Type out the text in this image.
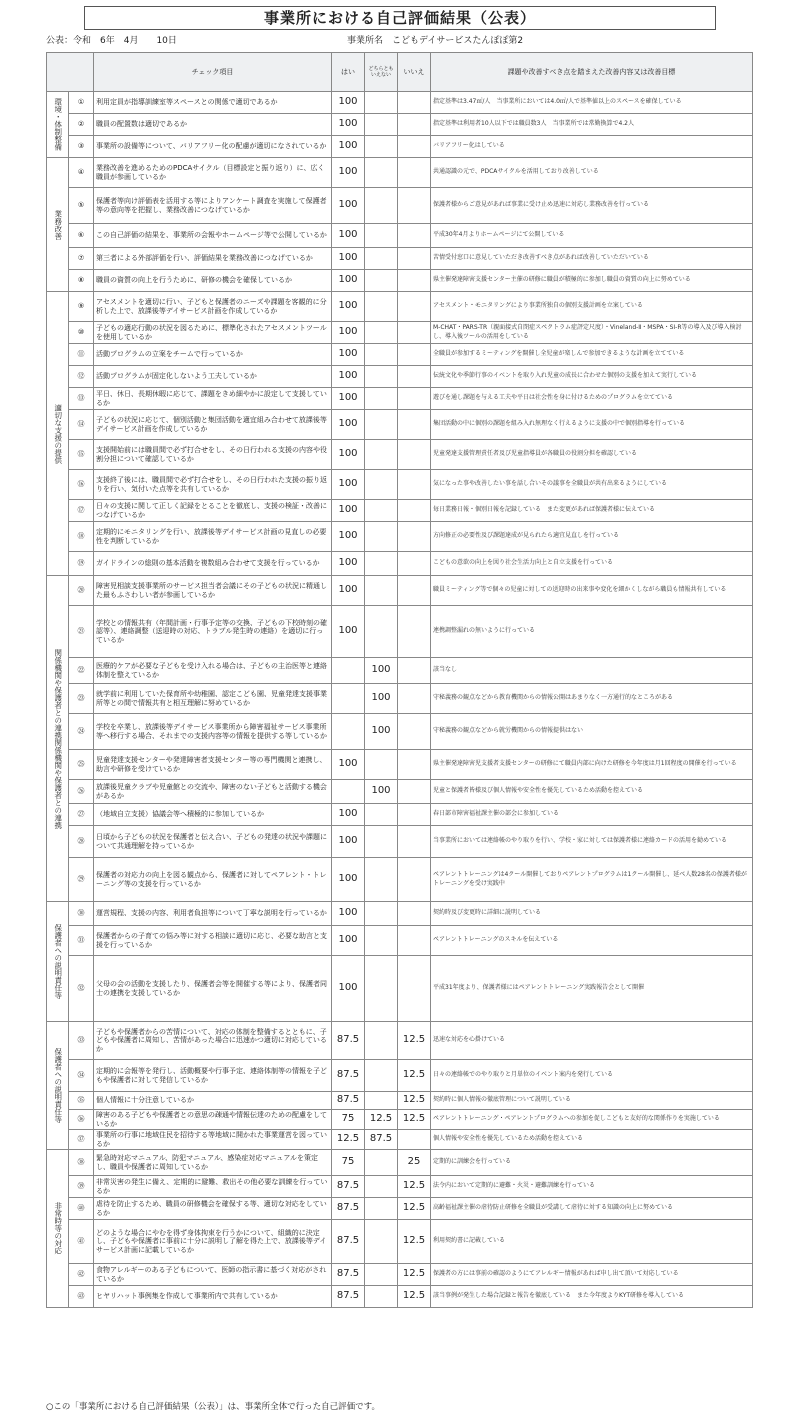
事業所における自己評価結果（公表）
公表：令和　6年　4月　　10日	事業所名　こどもデイサービスたんぽぽ第2
		チェック項目	はい	どちらともいえない	いいえ	課題や改善すべき点を踏まえた改善内容又は改善目標
環境・体制整備	①	利用定員が指導訓練室等スペースとの関係で適切であるか	100			指定基準は3.47㎡/人　当事業所においては4.0㎡/人で基準値以上のスペースを確保している
	②	職員の配置数は適切であるか	100			指定基準は利用者10人以下では職員数3人　当事業所では常勤換算で4.2人
	③	事業所の設備等について、バリアフリー化の配慮が適切になされているか	100			バリアフリー化はしている
業務改善	④	業務改善を進めるためのPDCAサイクル（目標設定と振り返り）に、広く職員が参画しているか	100			共通認識の元で、PDCAサイクルを活用しており改善している
	⑤	保護者等向け評価表を活用する等によりアンケート調査を実施して保護者等の意向等を把握し、業務改善につなげているか	100			保護者様からご意見があれば事業に受け止め迅速に対応し業務改善を行っている
	⑥	この自己評価の結果を、事業所の会報やホームページ等で公開しているか	100			平成30年4月よりホームページにて公開している
	⑦	第三者による外部評価を行い、評価結果を業務改善につなげているか	100			苦情受付窓口に意見していただき改善すべき点があれば改善していただいている
	⑧	職員の資質の向上を行うために、研修の機会を確保しているか	100			県主催発達障害支援センター主催の研修に職員が積極的に参加し職員の資質の向上に努めている
適切な支援の提供	⑨	アセスメントを適切に行い、子どもと保護者のニーズや課題を客観的に分析した上で、放課後等デイサービス計画を作成しているか	100			アセスメント・モニタリングにより事業所独自の個別支援計画を立案している
	⑩	子どもの適応行動の状況を図るために、標準化されたアセスメントツールを使用しているか	100			M-CHAT・PARS-TR（親面接式自閉症スペクトラム症評定尺度）・Vineland-Ⅱ・MSPA・SI-R等の導入及び導入検討し、導入後ツールの活用をしている
	⑪	活動プログラムの立案をチームで行っているか	100			全職員が参加するミーティングを開催し全児童が楽しんで参加できるような計画を立てている
	⑫	活動プログラムが固定化しないよう工夫しているか	100			伝統文化や季節行事のイベントを取り入れ児童の成長に合わせた個別の支援を加えて実行している
	⑬	平日、休日、長期休暇に応じて、課題をきめ細やかに設定して支援しているか	100			遊びを通し課題を与える工夫や平日は社会性を身に付けるためのプログラムを立てている
	⑭	子どもの状況に応じて、個別活動と集団活動を適宜組み合わせて放課後等デイサービス計画を作成しているか	100			集団活動の中に個別の課題を組み入れ無理なく行えるように支援の中で個別指導を行っている
	⑮	支援開始前には職員間で必ず打合せをし、その日行われる支援の内容や役割分担について確認しているか	100			児童発達支援管理責任者及び児童指導員が各職員の役割分担を確認している
	⑯	支援終了後には、職員間で必ず打合せをし、その日行われた支援の振り返りを行い、気付いた点等を共有しているか	100			気になった事や改善したい事を話し合いその議事を全職員が共有出来るようにしている
	⑰	日々の支援に関して正しく記録をとることを徹底し、支援の検証・改善につなげているか	100			毎日業務日報・個別日報を記録している　また変更があれば保護者様に伝えている
	⑱	定期的にモニタリングを行い、放課後等デイサービス計画の見直しの必要性を判断しているか	100			方向修正の必要性及び課題達成が見られたら適宜見直しを行っている
	⑲	ガイドラインの総則の基本活動を複数組み合わせて支援を行っているか	100			こどもの意欲の向上を図り社会生活力向上と自立支援を行っている
関係機関や保護者との連携関係機関や保護者との連携	⑳	障害児相談支援事業所のサービス担当者会議にその子どもの状況に精通した最もふさわしい者が参画しているか	100			職員ミーティング等で個々の児童に対しての送迎時の出来事や変化を細かくしながら職員も情報共有している
	㉑	学校との情報共有（年間計画・行事予定等の交換、子どもの下校時刻の確認等）、連絡調整（送迎時の対応、トラブル発生時の連絡）を適切に行っているか	100			連携調整漏れの無いように行っている
	㉒	医療的ケアが必要な子どもを受け入れる場合は、子どもの主治医等と連絡体制を整えているか		100		該当なし
	㉓	就学前に利用していた保育所や幼稚園、認定こども園、児童発達支援事業所等との間で情報共有と相互理解に努めているか		100		守秘義務の観点などから教育機関からの情報公開はあまりなく一方通行的なところがある
	㉔	学校を卒業し、放課後等デイサービス事業所から障害福祉サービス事業所等へ移行する場合、それまでの支援内容等の情報を提供する等しているか		100		守秘義務の観点などから就労機関からの情報提供はない
	㉕	児童発達支援センターや発達障害者支援センター等の専門機関と連携し、助言や研修を受けているか	100			県主催発達障害児支援者支援センターの研修にて職員内部に向けた研修を今年度は月1回程度の開催を行っている
	㉖	放課後児童クラブや児童館との交流や、障害のない子どもと活動する機会があるか		100		児童と保護者皆様及び個人情報や安全性を優先しているため活動を控えている
	㉗	（地域自立支援）協議会等へ積極的に参加しているか	100			春日部市障害福祉課主催の部会に参加している
	㉘	日頃から子どもの状況を保護者と伝え合い、子どもの発達の状況や課題について共通理解を持っているか	100			当事業所においては連絡帳のやり取りを行い、学校・家に対しては保護者様に連絡カードの活用を勧めている
	㉙	保護者の対応力の向上を図る観点から、保護者に対してペアレント・トレーニング等の支援を行っているか	100			ペアレントトレーニングは4クール開催しておりペアレントプログラムは1クール開催し、延べ人数28名の保護者様がトレーニングを受け実践中
保護者への説明責任等	㉚	運営規程、支援の内容、利用者負担等について丁寧な説明を行っているか	100			契約時及び変更時に詳細に説明している
	㉛	保護者からの子育ての悩み等に対する相談に適切に応じ、必要な助言と支援を行っているか	100			ペアレントトレーニングのスキルを伝えている
	㉜	父母の会の活動を支援したり、保護者会等を開催する等により、保護者同士の連携を支援しているか	100			平成31年度より、保護者様にはペアレントトレーニング実践報告会として開催
保護者への説明責任等	㉝	子どもや保護者からの苦情について、対応の体制を整備するとともに、子どもや保護者に周知し、苦情があった場合に迅速かつ適切に対応しているか	87.5		12.5	迅速な対応を心掛けている
	㉞	定期的に会報等を発行し、活動概要や行事予定、連絡体制等の情報を子どもや保護者に対して発信しているか	87.5		12.5	日々の連絡帳でのやり取りと月単位のイベント案内を発行している
	㉟	個人情報に十分注意しているか	87.5		12.5	契約時に個人情報の徹底管理について説明している
	㊱	障害のある子どもや保護者との意思の疎通や情報伝達のための配慮をしているか	75	12.5	12.5	ペアレントトレーニング・ペアレントプログラムへの参加を促しこどもと友好的な関係作りを実施している
	㊲	事業所の行事に地域住民を招待する等地域に開かれた事業運営を図っているか	12.5	87.5		個人情報や安全性を優先しているため活動を控えている
非常時等の対応	㊳	緊急時対応マニュアル、防犯マニュアル、感染症対応マニュアルを策定し、職員や保護者に周知しているか	75		25	定期的に訓練会を行っている
	㊴	非常災害の発生に備え、定期的に避難、救出その他必要な訓練を行っているか	87.5		12.5	法令内において定期的に避難・火災・避難訓練を行っている
	㊵	虐待を防止するため、職員の研修機会を確保する等、適切な対応をしているか	87.5		12.5	高齢福祉課主催の虐待防止研修を全職員が受講して虐待に対する知識の向上に努めている
	㊶	どのような場合にやむを得ず身体拘束を行うかについて、組織的に決定し、子どもや保護者に事前に十分に説明し了解を得た上で、放課後等デイサービス計画に記載しているか	87.5		12.5	利用契約書に記載している
	㊷	食物アレルギーのある子どもについて、医師の指示書に基づく対応がされているか	87.5		12.5	保護者の方には事前の確認のようにてアレルギー情報があれば申し出て頂いて対応している
	㊸	ヒヤリハット事例集を作成して事業所内で共有しているか	87.5		12.5	該当事例が発生した場合記録と報告を徹底している　また今年度よりKYT研修を導入している
○この「事業所における自己評価結果（公表）」は、事業所全体で行った自己評価です。
